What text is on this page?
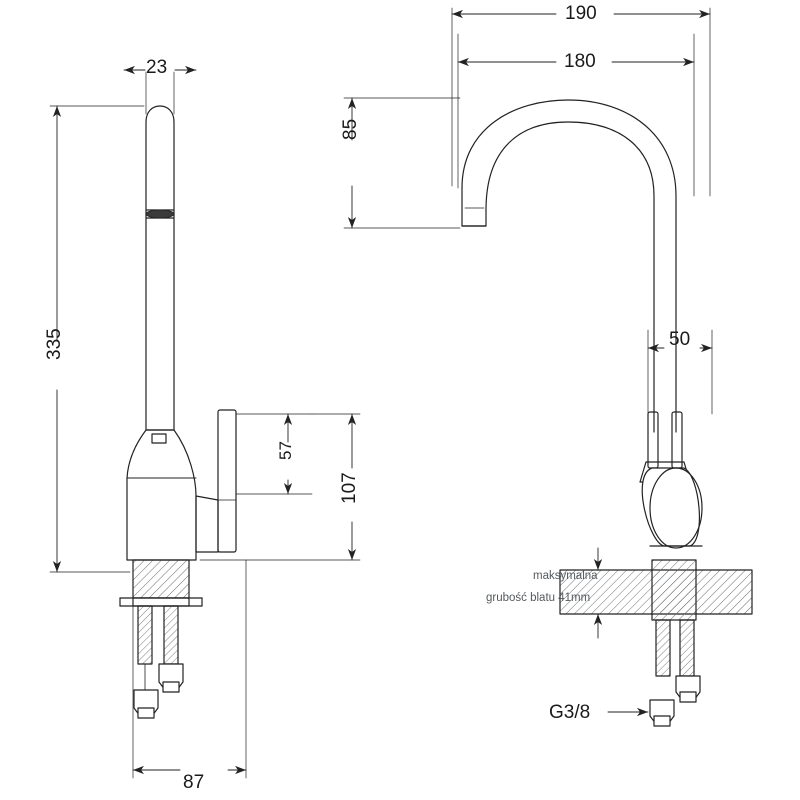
190
180
85
23
335	50
57
107
87
G3/8
maksymalna
grubość blatu 41mm
